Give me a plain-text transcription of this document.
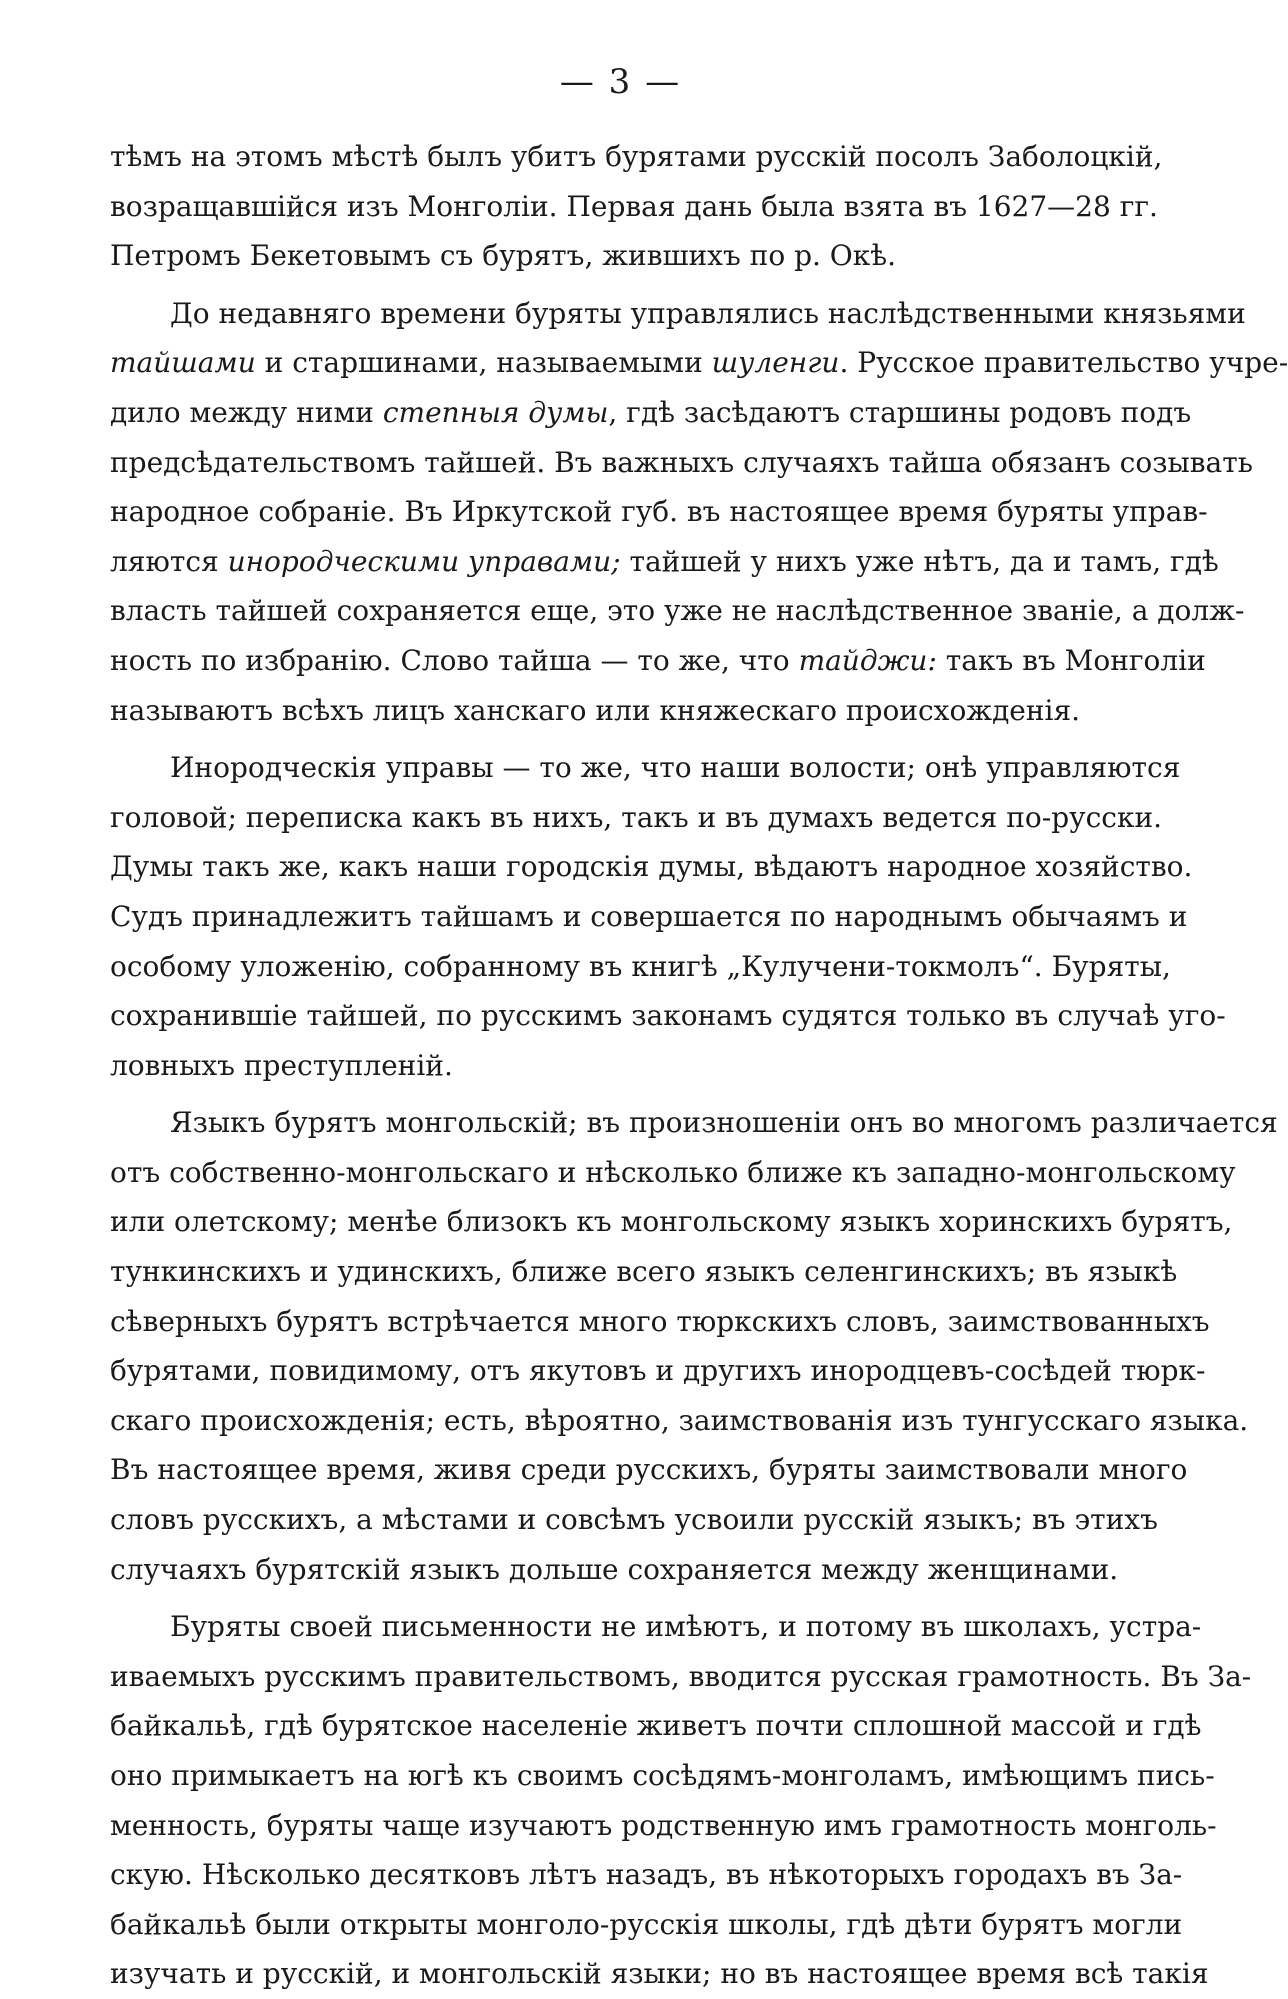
— 3 —
тѣмъ на этомъ мѣстѣ былъ убитъ бурятами русскій посолъ Заболоцкій,
возращавшійся изъ Монголіи. Первая дань была взята въ 1627—28 гг.
Петромъ Бекетовымъ съ бурятъ, жившихъ по р. Окѣ.
До недавняго времени буряты управлялись наслѣдственными князьями
тайшами и старшинами, называемыми шуленги. Русское правительство учре-
дило между ними степныя думы, гдѣ засѣдаютъ старшины родовъ подъ
предсѣдательствомъ тайшей. Въ важныхъ случаяхъ тайша обязанъ созывать
народное собраніе. Въ Иркутской губ. въ настоящее время буряты управ-
ляются инородческими управами; тайшей у нихъ уже нѣтъ, да и тамъ, гдѣ
власть тайшей сохраняется еще, это уже не наслѣдственное званіе, а долж-
ность по избранію. Слово тайша — то же, что тайджи: такъ въ Монголіи
называютъ всѣхъ лицъ ханскаго или княжескаго происхожденія.
Инородческія управы — то же, что наши волости; онѣ управляются
головой; переписка какъ въ нихъ, такъ и въ думахъ ведется по-русски.
Думы такъ же, какъ наши городскія думы, вѣдаютъ народное хозяйство.
Судъ принадлежитъ тайшамъ и совершается по народнымъ обычаямъ и
особому уложенію, собранному въ книгѣ „Кулучени-токмолъ“. Буряты,
сохранившіе тайшей, по русскимъ законамъ судятся только въ случаѣ уго-
ловныхъ преступленій.
Языкъ бурятъ монгольскій; въ произношеніи онъ во многомъ различается
отъ собственно-монгольскаго и нѣсколько ближе къ западно-монгольскому
или олетскому; менѣе близокъ къ монгольскому языкъ хоринскихъ бурятъ,
тункинскихъ и удинскихъ, ближе всего языкъ селенгинскихъ; въ языкѣ
сѣверныхъ бурятъ встрѣчается много тюркскихъ словъ, заимствованныхъ
бурятами, повидимому, отъ якутовъ и другихъ инородцевъ-сосѣдей тюрк-
скаго происхожденія; есть, вѣроятно, заимствованія изъ тунгусскаго языка.
Въ настоящее время, живя среди русскихъ, буряты заимствовали много
словъ русскихъ, а мѣстами и совсѣмъ усвоили русскій языкъ; въ этихъ
случаяхъ бурятскій языкъ дольше сохраняется между женщинами.
Буряты своей письменности не имѣютъ, и потому въ школахъ, устра-
иваемыхъ русскимъ правительствомъ, вводится русская грамотность. Въ За-
байкальѣ, гдѣ бурятское населеніе живетъ почти сплошной массой и гдѣ
оно примыкаетъ на югѣ къ своимъ сосѣдямъ-монголамъ, имѣющимъ пись-
менность, буряты чаще изучаютъ родственную имъ грамотность монголь-
скую. Нѣсколько десятковъ лѣтъ назадъ, въ нѣкоторыхъ городахъ въ За-
байкальѣ были открыты монголо-русскія школы, гдѣ дѣти бурятъ могли
изучать и русскій, и монгольскій языки; но въ настоящее время всѣ такія
